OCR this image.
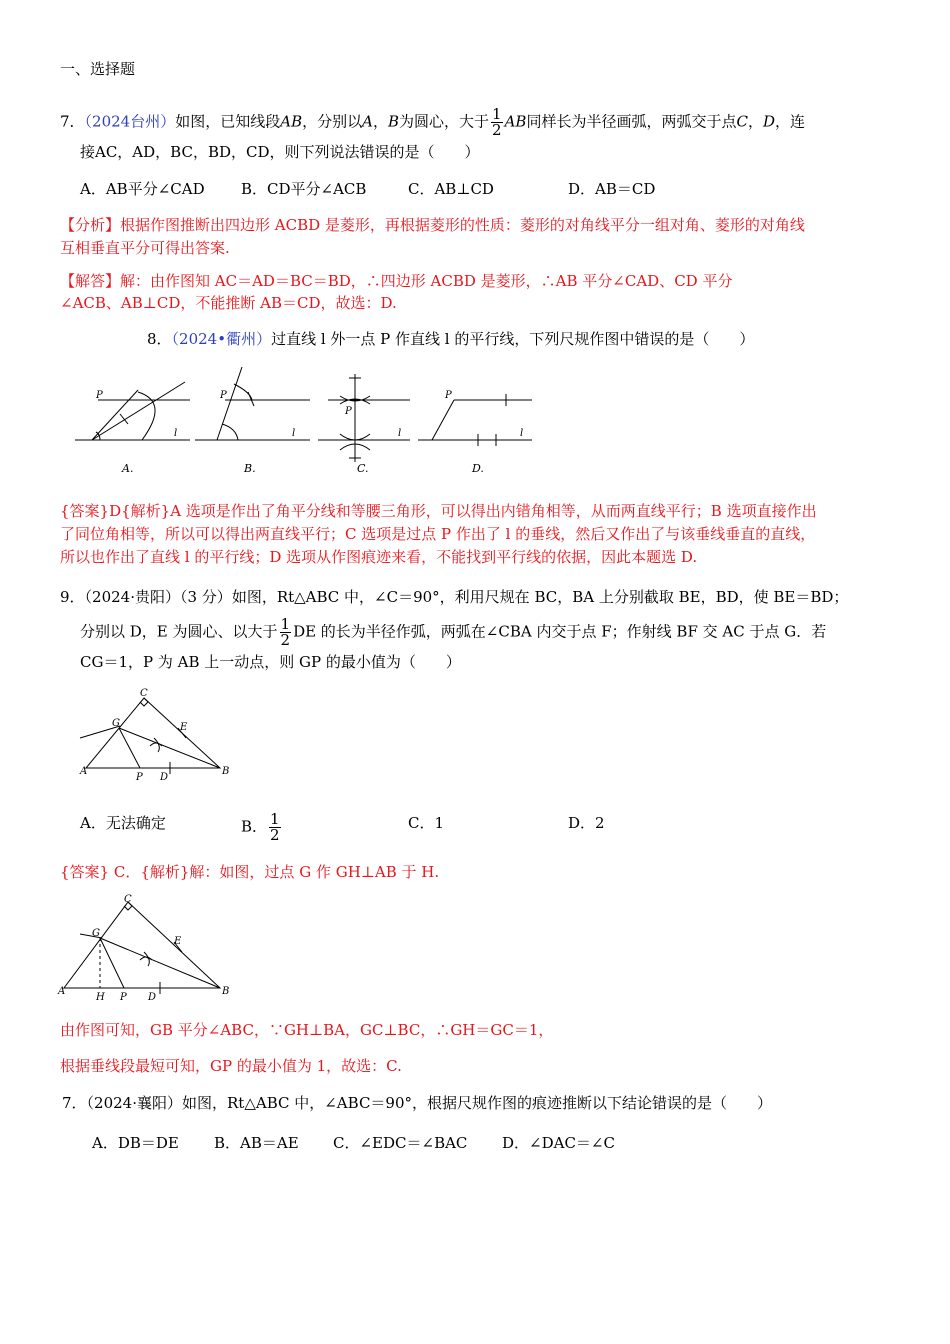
一、选择题
7．（2024台州）如图，已知线段AB，分别以A，B为圆心，大于 $\frac{1}{2}$ AB同样长为半径画弧，两弧交于点C，D，连
接AC，AD，BC，BD，CD，则下列说法错误的是（　　）
A．AB平分∠CAD B．CD平分∠ACB	C．AB⊥CD	D．AB＝CD
【分析】根据作图推断出四边形 ACBD 是菱形，再根据菱形的性质：菱形的对角线平分一组对角、菱形的对角线
互相垂直平分可得出答案.
【解答】解：由作图知 AC＝AD＝BC＝BD，∴四边形 ACBD 是菱形，∴AB 平分∠CAD、CD 平分
∠ACB、AB⊥CD，不能推断 AB＝CD，故选：D.
8．（2024•衢州）过直线 l 外一点 P 作直线 l 的平行线，下列尺规作图中错误的是（　　）
P
l
A.
P
l
B.
P
l
C.
P
l
D.
{答案}D{解析}A 选项是作出了角平分线和等腰三角形，可以得出内错角相等，从而两直线平行；B 选项直接作出
了同位角相等，所以可以得出两直线平行；C 选项是过点 P 作出了 l 的垂线，然后又作出了与该垂线垂直的直线，
所以也作出了直线 l 的平行线；D 选项从作图痕迹来看，不能找到平行线的依据，因此本题选 D.
9．（2024·贵阳）（3 分）如图，Rt△ABC 中，∠C＝90°，利用尺规在 BC，BA 上分别截取 BE，BD，使 BE＝BD；
分别以 D，E 为圆心、以大于 $\frac{1}{2}$ DE 的长为半径作弧，两弧在∠CBA 内交于点 F；作射线 BF 交 AC 于点 G．若
CG＝1，P 为 AB 上一动点，则 GP 的最小值为（　　）
A	B
C
G	E
P D
A．无法确定	B． $\frac{1}{2}$	C．1	D．2
{答案} C．{解析}解：如图，过点 G 作 GH⊥AB 于 H.
A	B
C
G
E
H P D
由作图可知，GB 平分∠ABC，∵GH⊥BA，GC⊥BC，∴GH＝GC＝1，
根据垂线段最短可知，GP 的最小值为 1，故选：C.
7．（2024·襄阳）如图，Rt△ABC 中，∠ABC＝90°，根据尺规作图的痕迹推断以下结论错误的是（　　）
A．DB＝DE B．AB＝AE C．∠EDC＝∠BAC D．∠DAC＝∠C
